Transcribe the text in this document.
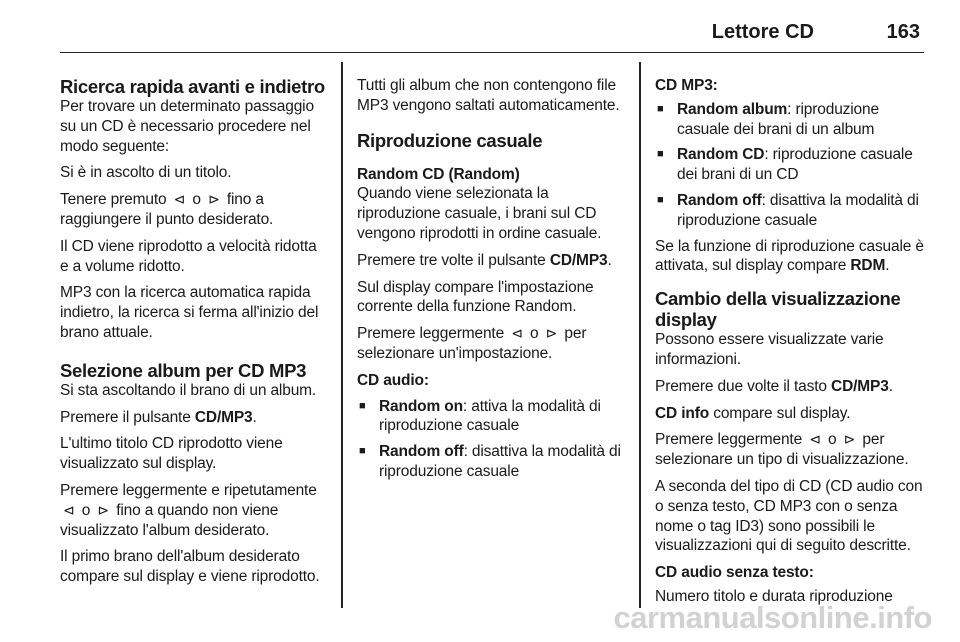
Lettore CD	163
Ricerca rapida avanti e indietro

Per trovare un determinato passaggio su un CD è necessario procedere nel modo seguente:

Si è in ascolto di un titolo.

Tenere premuto ⊲ o ⊳ fino a raggiungere il punto desiderato.

Il CD viene riprodotto a velocità ridotta e a volume ridotto.

MP3 con la ricerca automatica rapida indietro, la ricerca si ferma all'inizio del brano attuale.

Selezione album per CD MP3

Si sta ascoltando il brano di un album.

Premere il pulsante CD/MP3.

L'ultimo titolo CD riprodotto viene visualizzato sul display.

Premere leggermente e ripetutamente ⊲ o ⊳ fino a quando non viene visualizzato l'album desiderato.

Il primo brano dell'album desiderato compare sul display e viene riprodotto.

Tutti gli album che non contengono file MP3 vengono saltati automaticamente.

Riproduzione casuale
Random CD (Random)

Quando viene selezionata la riproduzione casuale, i brani sul CD vengono riprodotti in ordine casuale.

Premere tre volte il pulsante CD/MP3.

Sul display compare l'impostazione corrente della funzione Random.

Premere leggermente ⊲ o ⊳ per selezionare un'impostazione.

CD audio:
■ Random on: attiva la modalità di riproduzione casuale
■ Random off: disattiva la modalità di riproduzione casuale
CD MP3:
■ Random album: riproduzione casuale dei brani di un album
■ Random CD: riproduzione casuale dei brani di un CD
■ Random off: disattiva la modalità di riproduzione casuale

Se la funzione di riproduzione casuale è attivata, sul display compare RDM.

Cambio della visualizzazione display

Possono essere visualizzate varie informazioni.

Premere due volte il tasto CD/MP3.

CD info compare sul display.

Premere leggermente ⊲ o ⊳ per selezionare un tipo di visualizzazione.

A seconda del tipo di CD (CD audio con o senza testo, CD MP3 con o senza nome o tag ID3) sono possibili le visualizzazioni qui di seguito descritte.

CD audio senza testo:

Numero titolo e durata riproduzione

carmanualsonline.info
